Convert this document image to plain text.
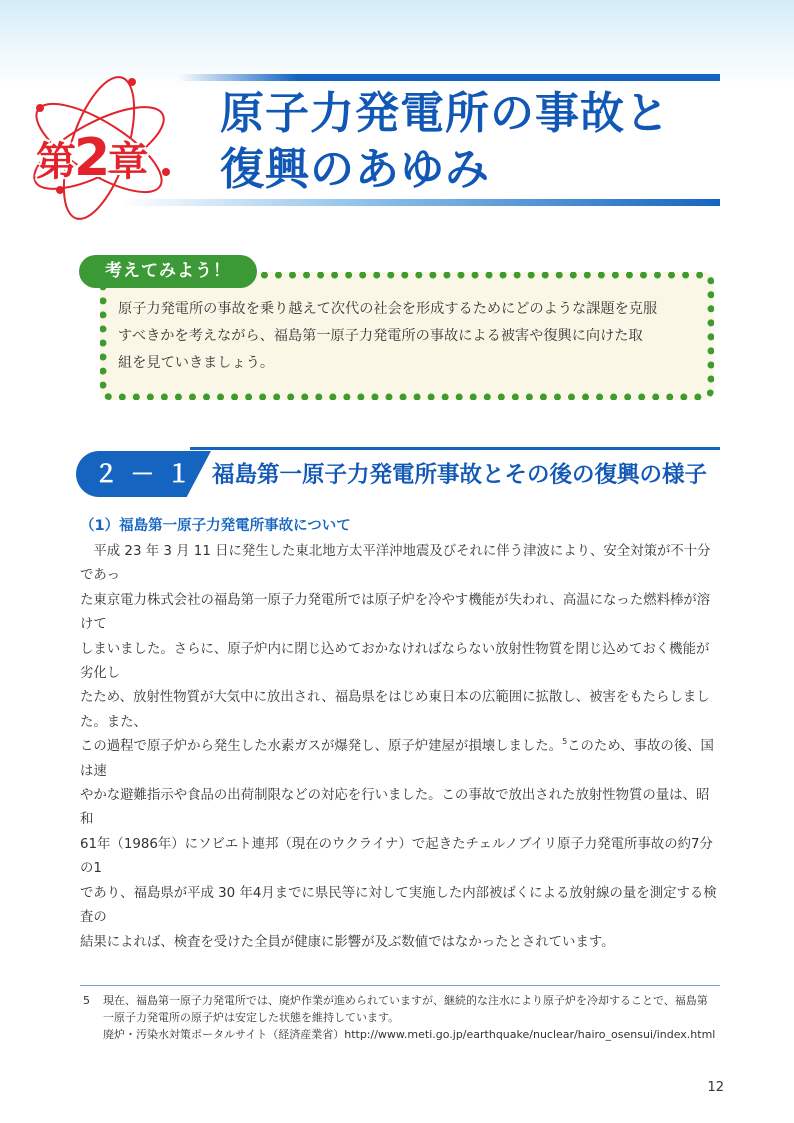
第2章
原子力発電所の事故と
復興のあゆみ
考えてみよう！

原子力発電所の事故を乗り越えて次代の社会を形成するためにどのような課題を克服

すべきかを考えながら、福島第一原子力発電所の事故による被害や復興に向けた取

組を見ていきましょう。

２ － １ 福島第一原子力発電所事故とその後の復興の様子
（1）福島第一原子力発電所事故について

　平成 23 年 3 月 11 日に発生した東北地方太平洋沖地震及びそれに伴う津波により、安全対策が不十分であっ

た東京電力株式会社の福島第一原子力発電所では原子炉を冷やす機能が失われ、高温になった燃料棒が溶けて

しまいました。さらに、原子炉内に閉じ込めておかなければならない放射性物質を閉じ込めておく機能が劣化し

たため、放射性物質が大気中に放出され、福島県をはじめ東日本の広範囲に拡散し、被害をもたらしました。また、

この過程で原子炉から発生した水素ガスが爆発し、原子炉建屋が損壊しました。$^5$このため、事故の後、国は速

やかな避難指示や食品の出荷制限などの対応を行いました。この事故で放出された放射性物質の量は、昭和

61年（1986年）にソビエト連邦（現在のウクライナ）で起きたチェルノブイリ原子力発電所事故の約7分の1

であり、福島県が平成 30 年4月までに県民等に対して実施した内部被ばくによる放射線の量を測定する検査の

結果によれば、検査を受けた全員が健康に影響が及ぶ数値ではなかったとされています。

5 現在、福島第一原子力発電所では、廃炉作業が進められていますが、継続的な注水により原子炉を冷却することで、福島第

一原子力発電所の原子炉は安定した状態を維持しています。

廃炉・汚染水対策ポータルサイト（経済産業省）http://www.meti.go.jp/earthquake/nuclear/hairo_osensui/index.html

12
